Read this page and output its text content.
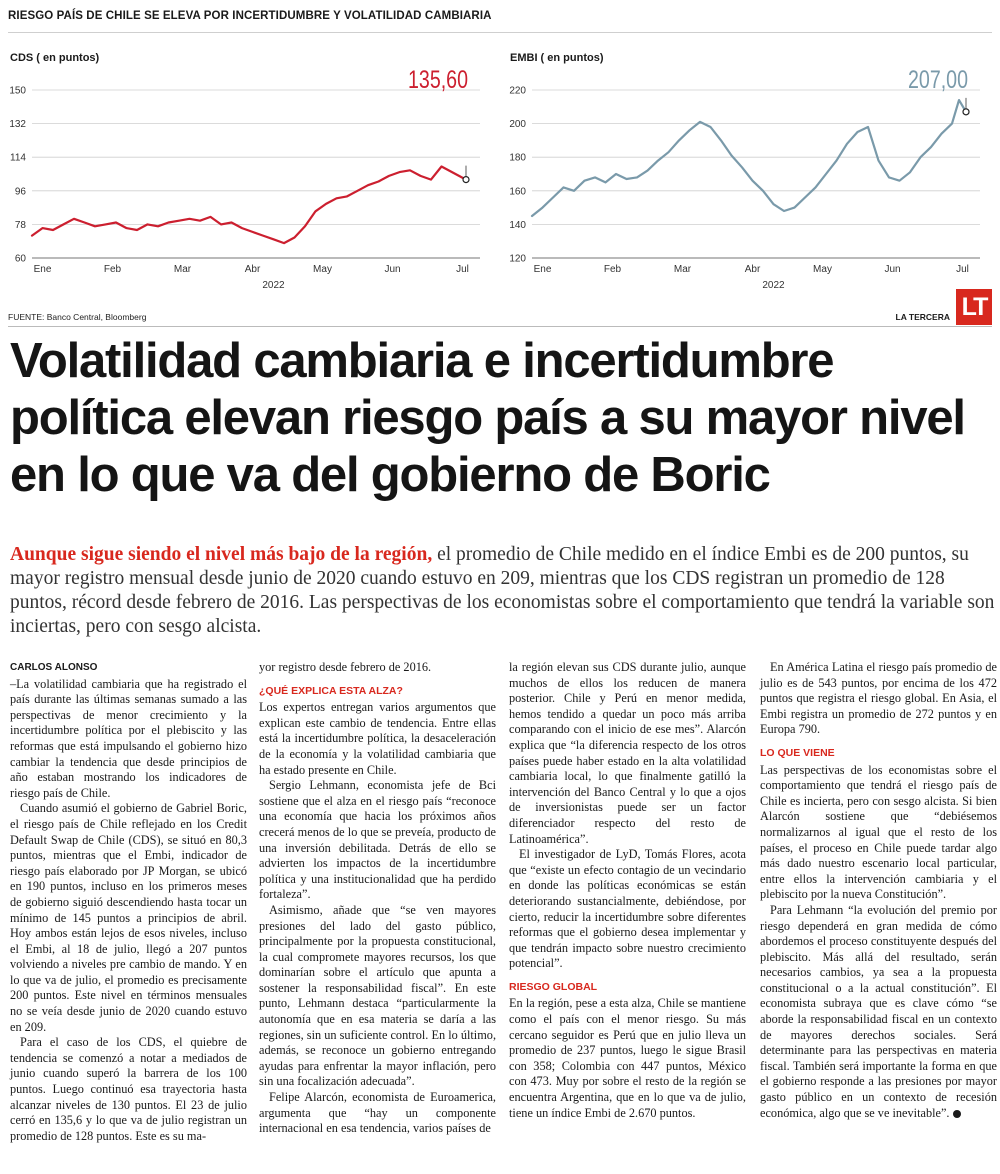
RIESGO PAÍS DE CHILE SE ELEVA POR INCERTIDUMBRE Y VOLATILIDAD CAMBIARIA
CDS ( en puntos)
60
78
96
114
132
150
Ene	Feb	Mar	Abr	May	Jun	Jul
2022
135,60
EMBI ( en puntos)
120
140
160
180
200
220
Ene	Feb	Mar	Abr	May	Jun	Jul
2022
207,00
FUENTE: Banco Central, Bloomberg	LA TERCERA LT
Volatilidad cambiaria e incertidumbre política elevan riesgo país a su mayor nivel en lo que va del gobierno de Boric

Aunque sigue siendo el nivel más bajo de la región, el promedio de Chile medido en el índice Embi es de 200 puntos, su mayor registro mensual desde junio de 2020 cuando estuvo en 209, mientras que los CDS registran un promedio de 128 puntos, récord desde febrero de 2016. Las perspectivas de los economistas sobre el comportamiento que tendrá la variable son inciertas, pero con sesgo alcista.

CARLOS ALONSO

–La volatilidad cambiaria que ha registrado el país durante las últimas semanas sumado a las perspectivas de menor crecimiento y la incertidumbre política por el plebiscito y las reformas que está impulsando el gobierno hizo cambiar la tendencia que desde principios de año estaban mostrando los indicadores de riesgo país de Chile.

Cuando asumió el gobierno de Gabriel Boric, el riesgo país de Chile reflejado en los Credit Default Swap de Chile (CDS), se situó en 80,3 puntos, mientras que el Embi, indicador de riesgo país elaborado por JP Morgan, se ubicó en 190 puntos, incluso en los primeros meses de gobierno siguió descendiendo hasta tocar un mínimo de 145 puntos a principios de abril. Hoy ambos están lejos de esos niveles, incluso el Embi, al 18 de julio, llegó a 207 puntos volviendo a niveles pre cambio de mando. Y en lo que va de julio, el promedio es precisamente 200 puntos. Este nivel en términos mensuales no se veía desde junio de 2020 cuando estuvo en 209.

Para el caso de los CDS, el quiebre de tendencia se comenzó a notar a mediados de junio cuando superó la barrera de los 100 puntos. Luego continuó esa trayectoria hasta alcanzar niveles de 130 puntos. El 23 de julio cerró en 135,6 y lo que va de julio registran un promedio de 128 puntos. Este es su ma-

yor registro desde febrero de 2016.

¿QUÉ EXPLICA ESTA ALZA?

Los expertos entregan varios argumentos que explican este cambio de tendencia. Entre ellas está la incertidumbre política, la desaceleración de la economía y la volatilidad cambiaria que ha estado presente en Chile.

Sergio Lehmann, economista jefe de Bci sostiene que el alza en el riesgo país “reconoce una economía que hacia los próximos años crecerá menos de lo que se preveía, producto de una inversión debilitada. Detrás de ello se advierten los impactos de la incertidumbre política y una institucionalidad que ha perdido fortaleza”.

Asimismo, añade que “se ven mayores presiones del lado del gasto público, principalmente por la propuesta constitucional, la cual compromete mayores recursos, los que dominarían sobre el artículo que apunta a sostener la responsabilidad fiscal”. En este punto, Lehmann destaca “particularmente la autonomía que en esa materia se daría a las regiones, sin un suficiente control. En lo último, además, se reconoce un gobierno entregando ayudas para enfrentar la mayor inflación, pero sin una focalización adecuada”.

Felipe Alarcón, economista de Euroamerica, argumenta que “hay un componente internacional en esa tendencia, varios países de

la región elevan sus CDS durante julio, aunque muchos de ellos los reducen de manera posterior. Chile y Perú en menor medida, hemos tendido a quedar un poco más arriba comparando con el inicio de ese mes”. Alarcón explica que “la diferencia respecto de los otros países puede haber estado en la alta volatilidad cambiaria local, lo que finalmente gatilló la intervención del Banco Central y lo que a ojos de inversionistas puede ser un factor diferenciador respecto del resto de Latinoamérica”.

El investigador de LyD, Tomás Flores, acota que “existe un efecto contagio de un vecindario en donde las políticas económicas se están deteriorando sustancialmente, debiéndose, por cierto, reducir la incertidumbre sobre diferentes reformas que el gobierno desea implementar y que tendrán impacto sobre nuestro crecimiento potencial”.

RIESGO GLOBAL

En la región, pese a esta alza, Chile se mantiene como el país con el menor riesgo. Su más cercano seguidor es Perú que en julio lleva un promedio de 237 puntos, luego le sigue Brasil con 358; Colombia con 447 puntos, México con 473. Muy por sobre el resto de la región se encuentra Argentina, que en lo que va de julio, tiene un índice Embi de 2.670 puntos.

En América Latina el riesgo país promedio de julio es de 543 puntos, por encima de los 472 puntos que registra el riesgo global. En Asia, el Embi registra un promedio de 272 puntos y en Europa 790.

LO QUE VIENE

Las perspectivas de los economistas sobre el comportamiento que tendrá el riesgo país de Chile es incierta, pero con sesgo alcista. Si bien Alarcón sostiene que “debiésemos normalizarnos al igual que el resto de los países, el proceso en Chile puede tardar algo más dado nuestro escenario local particular, entre ellos la intervención cambiaria y el plebiscito por la nueva Constitución”.

Para Lehmann “la evolución del premio por riesgo dependerá en gran medida de cómo abordemos el proceso constituyente después del plebiscito. Más allá del resultado, serán necesarios cambios, ya sea a la propuesta constitucional o a la actual constitución”. El economista subraya que es clave cómo “se aborde la responsabilidad fiscal en un contexto de mayores derechos sociales. Será determinante para las perspectivas en materia fiscal. También será importante la forma en que el gobierno responde a las presiones por mayor gasto público en un contexto de recesión económica, algo que se ve inevitable”.
